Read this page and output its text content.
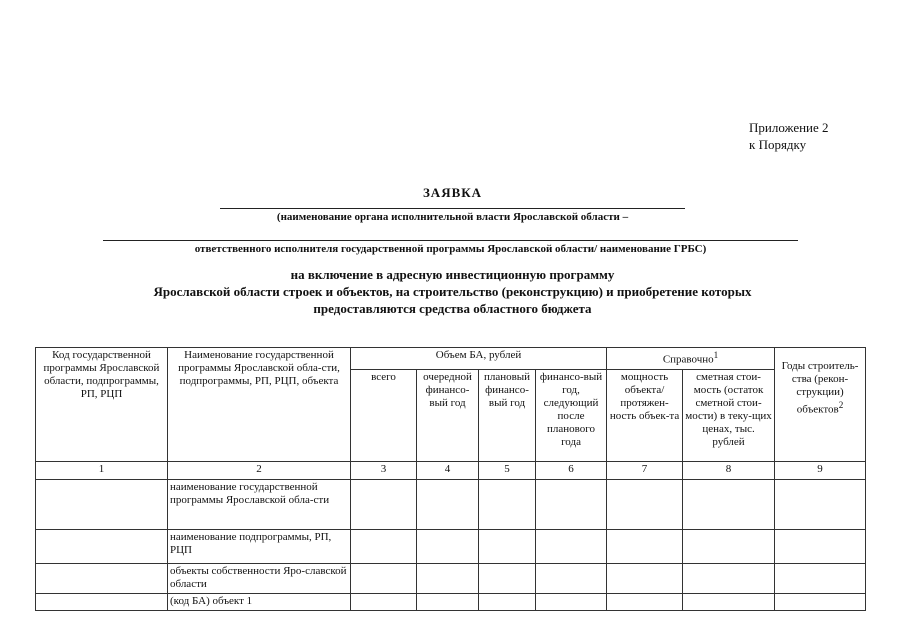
Приложение 2
к Порядку
ЗАЯВКА
(наименование органа исполнительной власти Ярославской области –
ответственного исполнителя государственной программы Ярославской области/ наименование ГРБС)
на включение в адресную инвестиционную программу
Ярославской области строек и объектов, на строительство (реконструкцию) и приобретение которых
предоставляются средства областного бюджета
Код государственной программы Ярославской области, подпрограммы, РП, РЦП	Наименование государственной программы Ярославской обла-сти, подпрограммы, РП, РЦП, объекта	Объем БА, рублей				Справочно$^1$		Годы строитель-ства (рекон-струкции) объектов$^2$
		всего	очередной финансо-вый год	плановый финансо-вый год	финансо-вый год, следующий после планового года	мощность объекта/ протяжен-ность объек-та	сметная стои-мость (остаток сметной стои-мости) в теку-щих ценах, тыс. рублей	
1	2	3	4	5	6	7	8	9
	наименование государственной программы Ярославской обла-сти							
	наименование подпрограммы, РП, РЦП							
	объекты собственности Яро-славской области							
	(код БА) объект 1							
